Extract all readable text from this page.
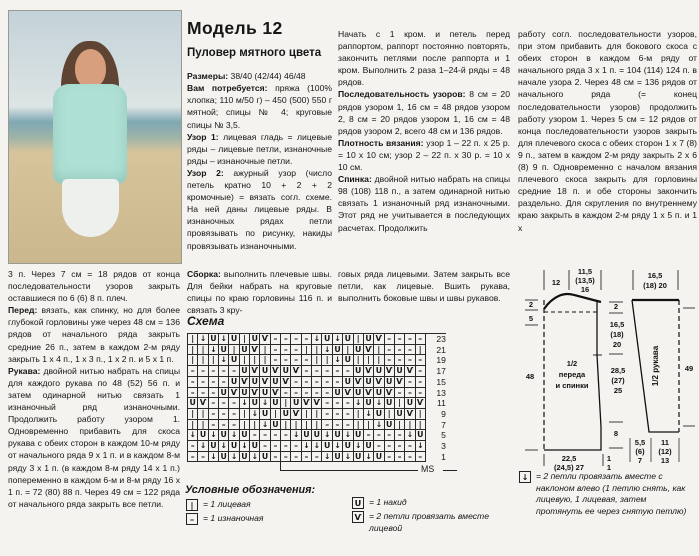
Модель 12
Пуловер мятного цвета

Размеры: 38/40 (42/44) 46/48

Вам потребуется: пряжа (100% хлопка; 110 м/50 г) – 450 (500) 550 г мятной; спицы № 4; круговые спицы № 3,5.

Узор 1: лицевая гладь = лицевые ряды – лицевые петли, изнаночные ряды – изнаночные петли.

Узор 2: ажурный узор (число петель кратно 10 + 2 + 2 кромочные) = вязать согл. схеме. На ней даны лицевые ряды. В изнаночных рядах петли провязывать по рисунку, накиды провязывать изнаночными.

Начать с 1 кром. и петель перед раппортом, раппорт постоянно повторять, закончить петлями после раппорта и 1 кром. Выполнить 2 раза 1–24-й ряды = 48 рядов.

Последовательность узоров: 8 см = 20 рядов узором 1, 16 см = 48 рядов узором 2, 8 см = 20 рядов узором 1, 16 см = 48 рядов узором 2, всего 48 см и 136 рядов.

Плотность вязания: узор 1 – 22 п. х 25 р. = 10 х 10 см; узор 2 – 22 п. х 30 р. = 10 х 10 см.

Спинка: двойной нитью набрать на спицы 98 (108) 118 п., а затем одинарной нитью связать 1 изнаночный ряд изнаночными. Этот ряд не учитывается в последующих расчетах. Продолжить

работу согл. последовательности узоров, при этом прибавить для бокового скоса с обеих сторон в каждом 6-м ряду от начального ряда 3 х 1 п. = 104 (114) 124 п. в начале узора 2. Через 48 см = 136 рядов от начального ряда (= конец последовательности узоров) продолжить работу узором 1. Через 5 см = 12 рядов от конца последовательности узоров закрыть для плечевого скоса с обеих сторон 1 х 7 (8) 9 п., затем в каждом 2-м ряду закрыть 2 х 6 (8) 9 п. Одновременно с началом вязания плечевого скоса закрыть для горловины средние 18 п. и обе стороны закончить раздельно. Для скругления по внутреннему краю закрыть в каждом 2-м ряду 1 х 5 п. и 1 х

3 п. Через 7 см = 18 рядов от конца последовательности узоров закрыть оставшиеся по 6 (6) 8 п. плеч.

Перед: вязать, как спинку, но для более глубокой горловины уже через 48 см = 136 рядов от начального ряда закрыть средние 26 п., затем в каждом 2-м ряду закрыть 1 х 4 п., 1 х 3 п., 1 х 2 п. и 5 х 1 п.

Рукава: двойной нитью набрать на спицы для каждого рукава по 48 (52) 56 п. и затем одинарной нитью связать 1 изнаночный ряд изнаночными. Продолжить работу узором 1. Одновременно прибавить для скоса рукава с обеих сторон в каждом 10-м ряду от начального ряда 9 х 1 п. и в каждом 8-м ряду 3 х 1 п. (в каждом 8-м ряду 14 х 1 п.) попеременно в каждом 6-м и 8-м ряду 16 х 1 п. = 72 (80) 88 п. Через 49 см = 122 ряда от начального ряда закрыть все петли.

Сборка: выполнить плечевые швы. Для бейки набрать на круговые спицы по краю горловины 116 п. и связать 3 кру-

говых ряда лицевыми. Затем закрыть все петли, как лицевые. Вшить рукава, выполнить боковые швы и швы рукавов.

Схема
| ↓ U ↓ U | U Ѵ – – – – ↓ U ↓ U | U Ѵ – – – –	23
| | ↓ U | U Ѵ | – – – | | ↓ U | U Ѵ | – – – |	21
| | | ↓ U | | | – – – – | | ↓ U | | | – – – –	19
– – – – – U Ѵ U Ѵ U Ѵ – – – – – U Ѵ U Ѵ U Ѵ –	17
– – – – U Ѵ U Ѵ U Ѵ – – – – – U Ѵ U Ѵ U Ѵ – –	15
– – – U Ѵ U Ѵ U Ѵ – – – – – U Ѵ U Ѵ U Ѵ – – –	13
U Ѵ – – – ↓ U ↓ U | U Ѵ Ѵ – – – ↓ U ↓ U | U Ѵ	11
| | – – – | ↓ U | U Ѵ | | – – – | ↓ U | U Ѵ |	9
| | – – – | | ↓ U | | | | – – – | | ↓ U | | |	7
↓ U ↓ U ↓ U – – – – ↓ U U ↓ U ↓ U – – – – ↓ U	5
– ↓ U ↓ U ↓ U – – – – ↓ ↓ U ↓ U ↓ U – – – – ↓	3
– – ↓ U ↓ U ↓ U – – – – – ↓ U ↓ U ↓ U – – – –	1
MS
Условные обозначения:
|	= 1 лицевая
–	= 1 изнаночная
U = 1 накид
Ѵ = 2 петли провязать вместе лицевой
↓ = 2 петли провязать вместе с наклоном влево (1 петлю снять, как лицевую, 1 лицевая, затем протянуть ее через снятую петлю)
12
11,5
(13,5)
16
2
5
48
2
16,5
(18)
20
28,5
(27)
25
8
22,5
(24,5) 27
1
1
1/2
переда
и спинки
16,5
(18) 20
49
1/2 рукава
5,5
(6)
7
11
(12)
13
